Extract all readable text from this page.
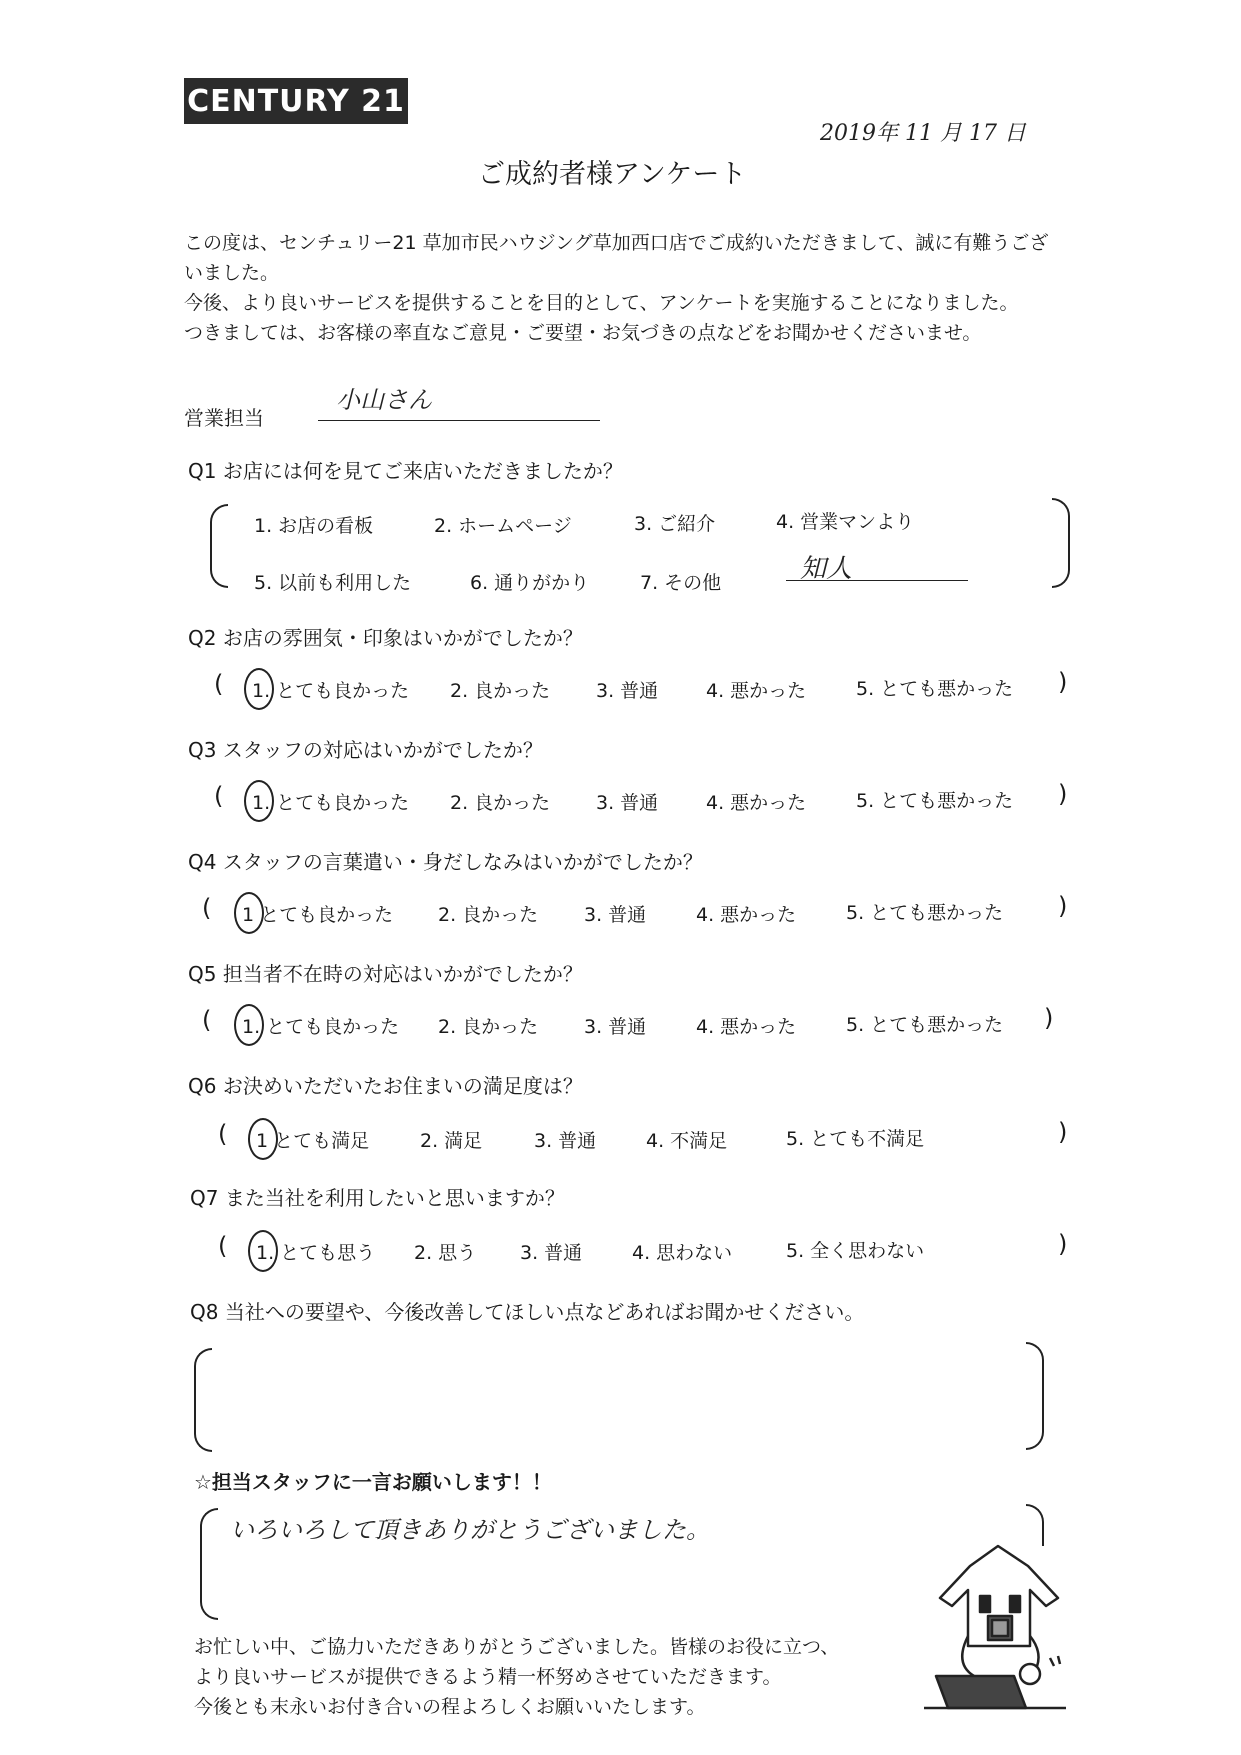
CENTURY 21
2019年 11 月 17 日
ご成約者様アンケート
この度は、センチュリー21 草加市民ハウジング草加西口店でご成約いただきまして、誠に有難うござ
いました。
今後、より良いサービスを提供することを目的として、アンケートを実施することになりました。
つきましては、お客様の率直なご意見・ご要望・お気づきの点などをお聞かせくださいませ。
営業担当
小山さん
Q1 お店には何を見てご来店いただきましたか？
1. お店の看板	2. ホームページ	3. ご紹介	4. 営業マンより
5. 以前も利用した	6. 通りがかり	7. その他	知人
Q2 お店の雰囲気・印象はいかがでしたか？
( 1. とても良かった 2. 良かった 3. 普通	4. 悪かった	5. とても悪かった )
Q3 スタッフの対応はいかがでしたか？
( 1. とても良かった 2. 良かった 3. 普通	4. 悪かった	5. とても悪かった )
Q4 スタッフの言葉遣い・身だしなみはいかがでしたか？
( 1 とても良かった 2. 良かった 3. 普通	4. 悪かった	5. とても悪かった )
Q5 担当者不在時の対応はいかがでしたか？
( 1. とても良かった 2. 良かった 3. 普通	4. 悪かった	5. とても悪かった )
Q6 お決めいただいたお住まいの満足度は？
( 1 とても満足	2. 満足	3. 普通	4. 不満足	5. とても不満足	)
Q7 また当社を利用したいと思いますか？
( 1. とても思う 2. 思う 3. 普通	4. 思わない	5. 全く思わない	)
Q8 当社への要望や、今後改善してほしい点などあればお聞かせください。
☆担当スタッフに一言お願いします！！
いろいろして頂きありがとうございました。
お忙しい中、ご協力いただきありがとうございました。皆様のお役に立つ、
より良いサービスが提供できるよう精一杯努めさせていただきます。
今後とも末永いお付き合いの程よろしくお願いいたします。
